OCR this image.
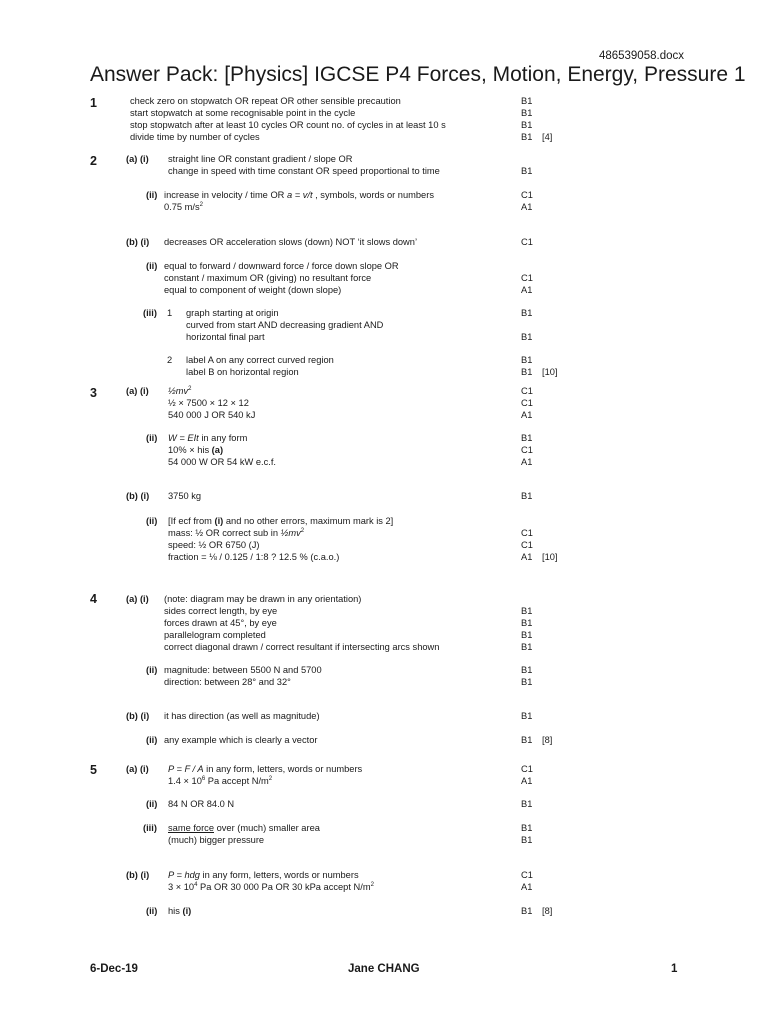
486539058.docx
Answer Pack: [Physics] IGCSE P4 Forces, Motion, Energy, Pressure 1
1	check zero on stopwatch OR repeat OR other sensible precaution	B1
start stopwatch at some recognisable point in the cycle	B1
stop stopwatch after at least 10 cycles OR count no. of cycles in at least 10 s	B1
divide time by number of cycles	B1 [4]
2	(a) (i) straight line OR constant gradient / slope OR
change in speed with time constant OR speed proportional to time	B1
(ii) increase in velocity / time OR a = v/t , symbols, words or numbers	C1
0.75 $m/s^2$	A1
(b) (i) decreases OR acceleration slows (down) NOT ‘it slows down’	C1
(ii) equal to forward / downward force / force down slope OR
constant / maximum OR (giving) no resultant force	C1
equal to component of weight (down slope)	A1
(iii) 1 graph starting at origin	B1
curved from start AND decreasing gradient AND
horizontal final part	B1
2 label A on any correct curved region	B1
label B on horizontal region	B1 [10]
3	(a) (i) $\frac{1}{2}mv^2$	C1
½ × 7500 × 12 × 12	C1
540 000 J OR 540 kJ	A1
(ii) W = EIt in any form	B1
10% × his (a)	C1
54 000 W OR 54 kW e.c.f.	A1
(b) (i) 3750 kg	B1
(ii) [If ecf from (i) and no other errors, maximum mark is 2]
mass: ½ OR correct sub in $\frac{1}{2}mv^2$	C1
speed: ½ OR 6750 (J)	C1
fraction = ⅛ / 0.125 / 1:8 ? 12.5 % (c.a.o.)	A1 [10]
4	(a) (i) (note: diagram may be drawn in any orientation)
sides correct length, by eye	B1
forces drawn at 45°, by eye	B1
parallelogram completed	B1
correct diagonal drawn / correct resultant if intersecting arcs shown	B1
(ii) magnitude: between 5500 N and 5700	B1
direction: between 28° and 32°	B1
(b) (i) it has direction (as well as magnitude)	B1
(ii) any example which is clearly a vector	B1 [8]
5	(a) (i) P = F / A in any form, letters, words or numbers	C1
$1.4 \times 10^6$ Pa accept $N/m^2$	A1
(ii) 84 N OR 84.0 N	B1
(iii) same force over (much) smaller area	B1
(much) bigger pressure	B1
(b) (i) P = hdg in any form, letters, words or numbers	C1
$3 \times 10^4$ Pa OR 30 000 Pa OR 30 kPa accept $N/m^2$	A1
(ii) his (i)	B1 [8]
6-Dec-19	Jane CHANG	1
